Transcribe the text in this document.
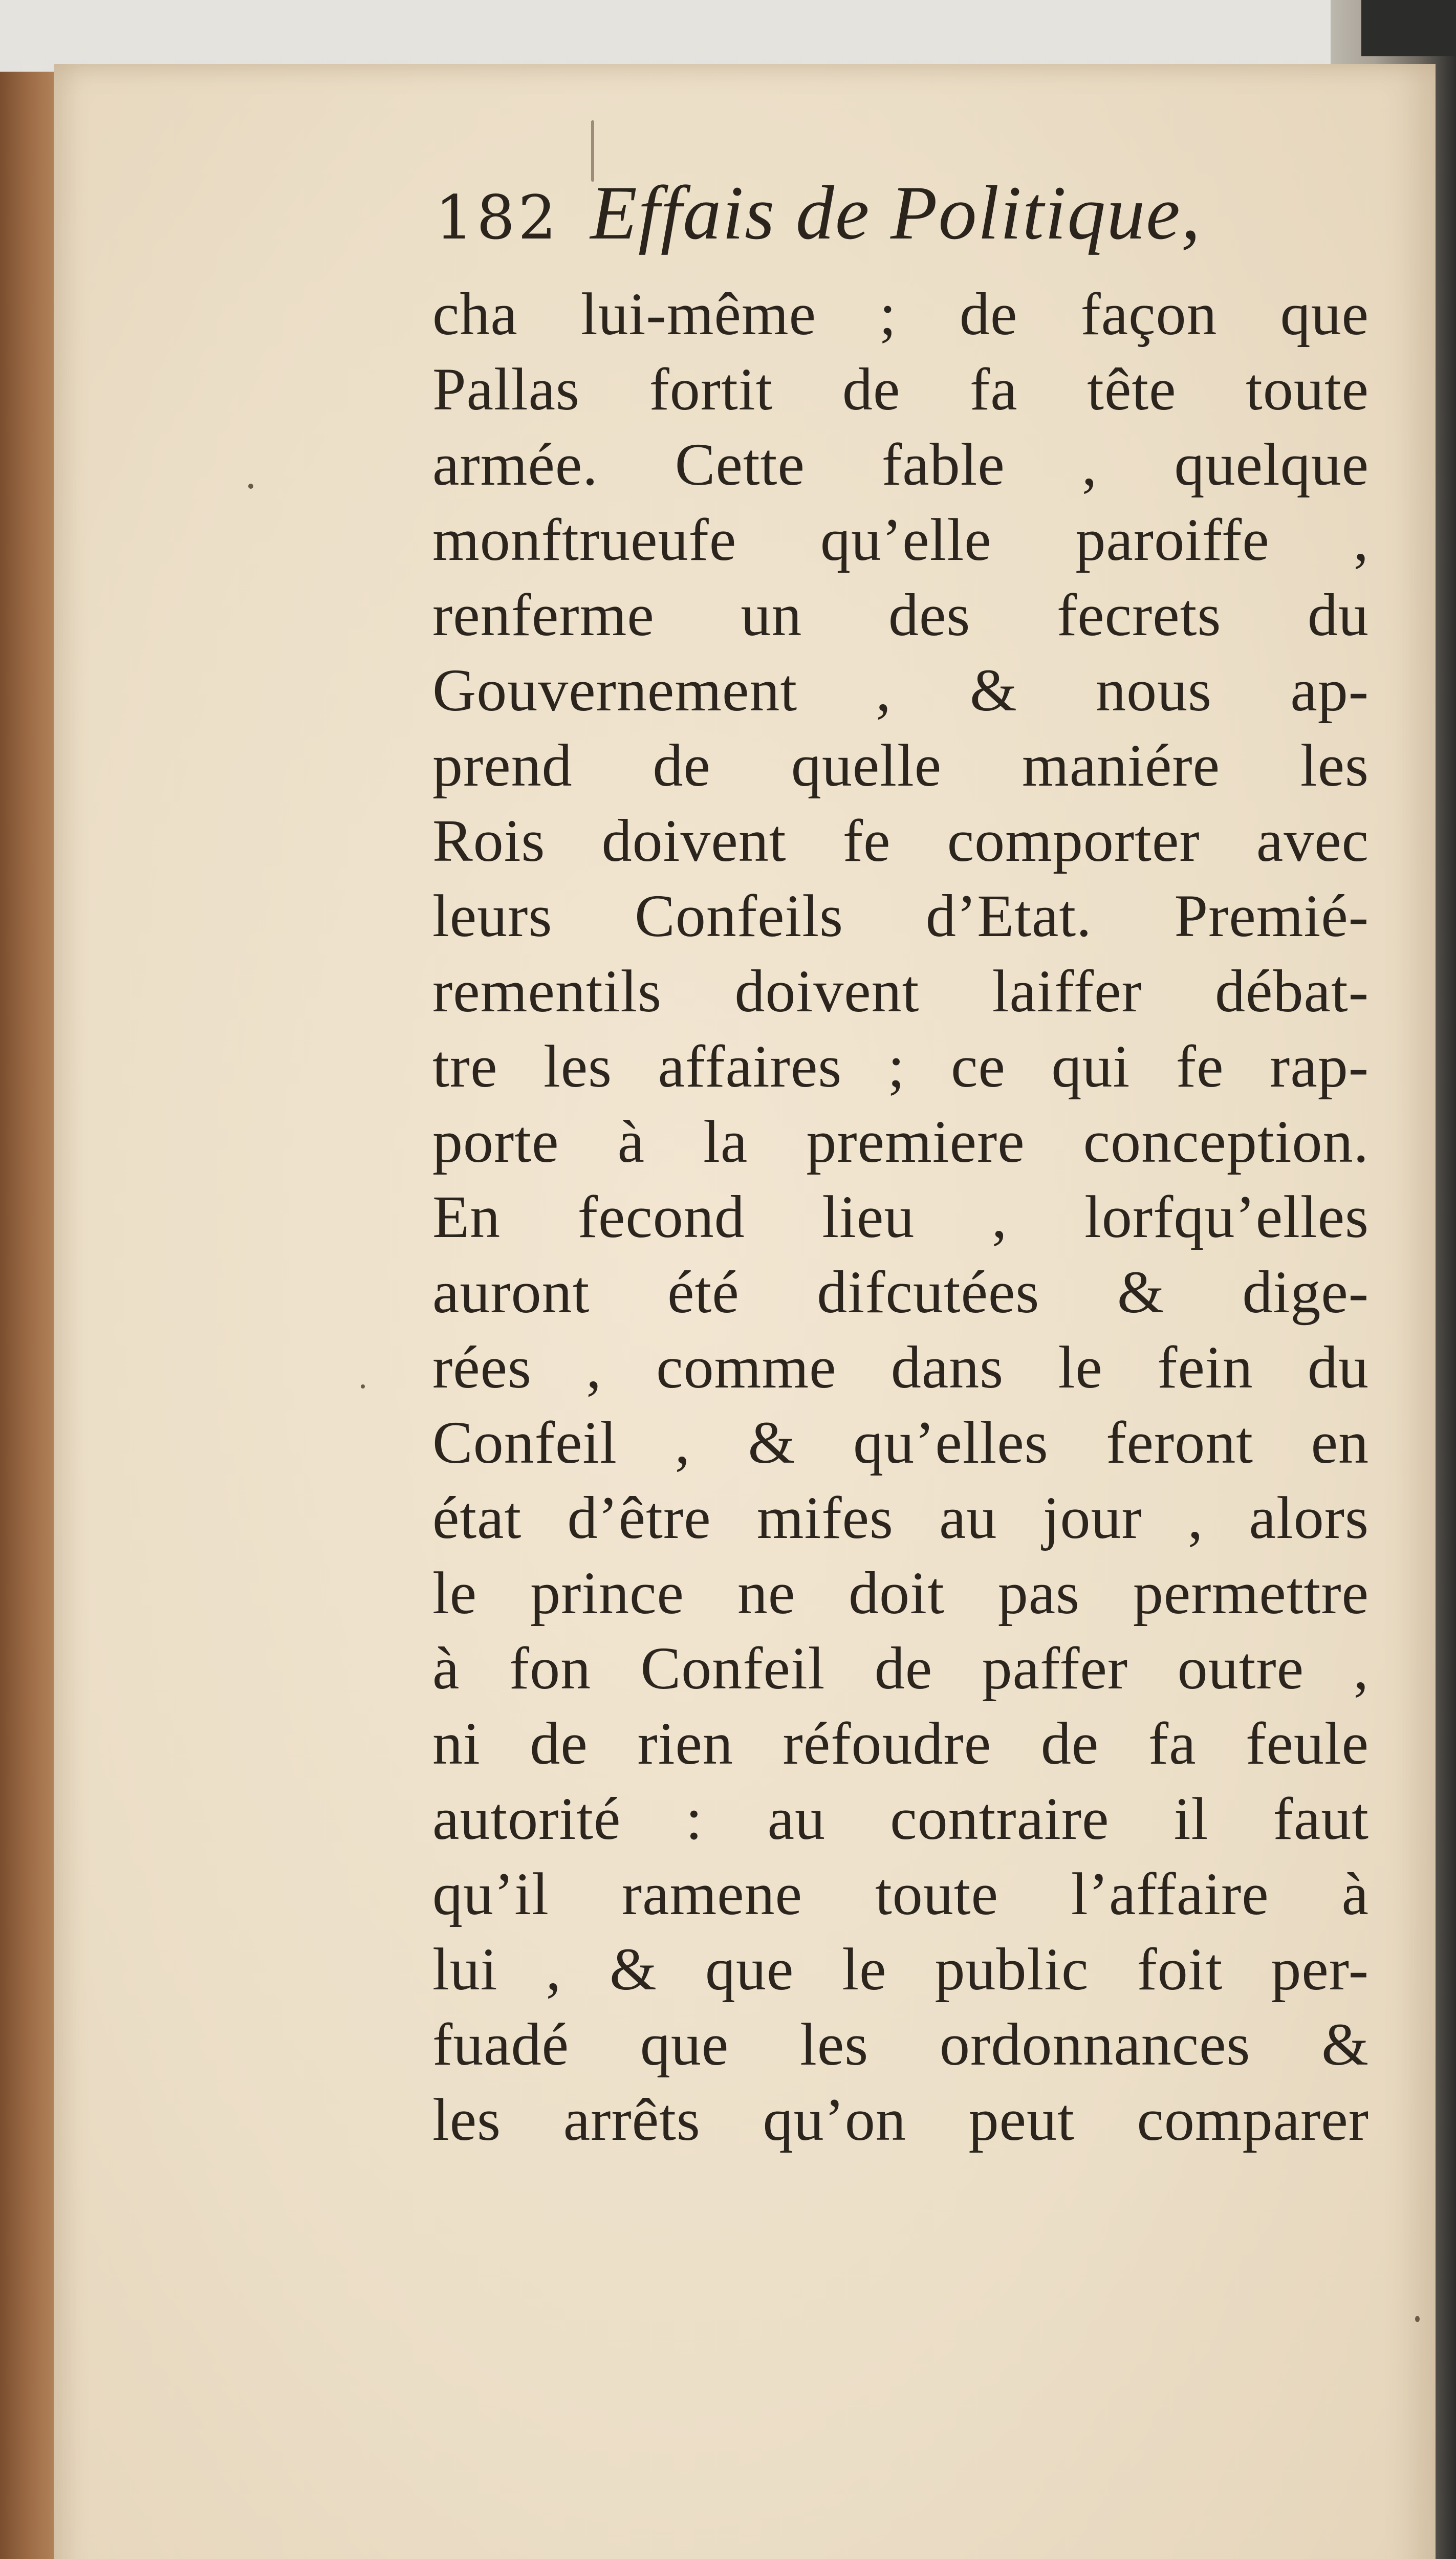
182 Effais de Politique,
cha lui-même ; de façon que
Pallas fortit de fa tête toute
armée. Cette fable , quelque
monftrueufe qu’elle paroiffe ,
renferme un des fecrets du
Gouvernement , & nous ap-
prend de quelle maniére les
Rois doivent fe comporter avec
leurs Confeils d’Etat. Premié-
rementils doivent laiffer débat-
tre les affaires ; ce qui fe rap-
porte à la premiere conception.
En fecond lieu , lorfqu’elles
auront été difcutées & dige-
rées , comme dans le fein du
Confeil , & qu’elles feront en
état d’être mifes au jour , alors
le prince ne doit pas permettre
à fon Confeil de paffer outre ,
ni de rien réfoudre de fa feule
autorité : au contraire il faut
qu’il ramene toute l’affaire à
lui , & que le public foit per-
fuadé que les ordonnances &
les arrêts qu’on peut comparer
